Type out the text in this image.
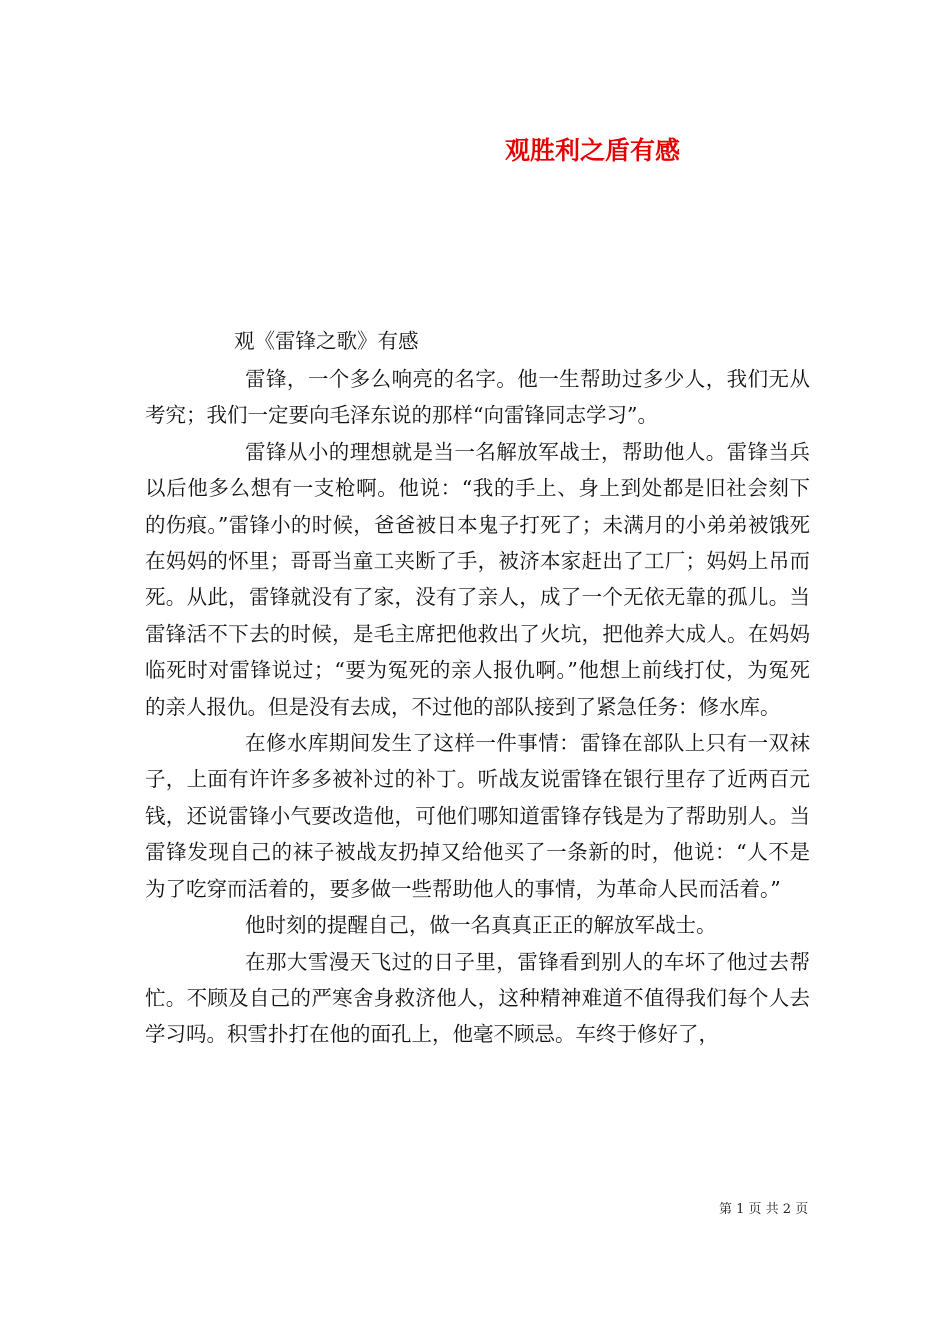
观胜利之盾有感

观《雷锋之歌》有感

雷锋，一个多么响亮的名字。他一生帮助过多少人，我们无从考究；我们一定要向毛泽东说的那样“向雷锋同志学习”。

雷锋从小的理想就是当一名解放军战士，帮助他人。雷锋当兵以后他多么想有一支枪啊。他说：“我的手上、身上到处都是旧社会刻下的伤痕。”雷锋小的时候，爸爸被日本鬼子打死了；未满月的小弟弟被饿死在妈妈的怀里；哥哥当童工夹断了手，被济本家赶出了工厂；妈妈上吊而死。从此，雷锋就没有了家，没有了亲人，成了一个无依无靠的孤儿。当雷锋活不下去的时候，是毛主席把他救出了火坑，把他养大成人。在妈妈临死时对雷锋说过；“要为冤死的亲人报仇啊。”他想上前线打仗，为冤死的亲人报仇。但是没有去成，不过他的部队接到了紧急任务：修水库。

在修水库期间发生了这样一件事情：雷锋在部队上只有一双袜子，上面有许许多多被补过的补丁。听战友说雷锋在银行里存了近两百元钱，还说雷锋小气要改造他，可他们哪知道雷锋存钱是为了帮助别人。当雷锋发现自己的袜子被战友扔掉又给他买了一条新的时，他说：“人不是为了吃穿而活着的，要多做一些帮助他人的事情，为革命人民而活着。”

他时刻的提醒自己，做一名真真正正的解放军战士。

在那大雪漫天飞过的日子里，雷锋看到别人的车坏了他过去帮忙。不顾及自己的严寒舍身救济他人，这种精神难道不值得我们每个人去学习吗。积雪扑打在他的面孔上，他毫不顾忌。车终于修好了，

第 1 页 共 2 页
